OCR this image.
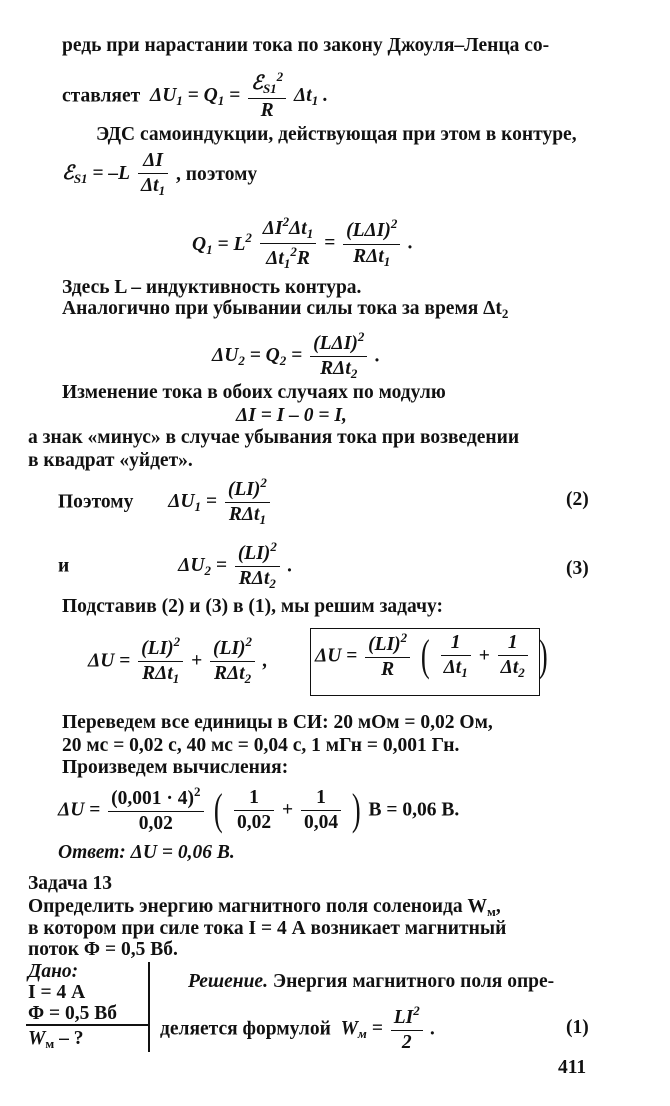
редь при нарастании тока по закону Джоуля–Ленца со-
ставляет  $\Delta U_1 = Q_1 = \frac{ℰ_{S1}^2}{R} \Delta t_1$ .
ЭДС самоиндукции, действующая при этом в контуре,
ℰ$_{S1}$ = $-L \frac{\Delta I}{\Delta t_1}$ , поэтому
$Q_1 = L^2 \frac{\Delta I^2\Delta t_1}{\Delta t_1^2R} = \frac{(L\Delta I)^2}{R\Delta t_1}$ .
Здесь L – индуктивность контура.
Аналогично при убывании силы тока за время $\Delta t_2$
$\Delta U_2 = Q_2 = \frac{(L\Delta I)^2}{R\Delta t_2}$ .
Изменение тока в обоих случаях по модулю
ΔI = I – 0 = I,
а знак «минус» в случае убывания тока при возведении
в квадрат «уйдет».
Поэтому $\Delta U_1 = \frac{(LI)^2}{R\Delta t_1}$	(2)
и	$\Delta U_2 = \frac{(LI)^2}{R\Delta t_2}$ .	(3)
Подставив (2) и (3) в (1), мы решим задачу:
$\Delta U = \frac{(LI)^2}{R\Delta t_1} + \frac{(LI)^2}{R\Delta t_2}$ , $\Delta U = \frac{(LI)^2}{R}$ ( $\frac{1}{\Delta t_1} + \frac{1}{\Delta t_2}$ )
Переведем все единицы в СИ: 20 мОм = 0,02 Ом,
20 мс = 0,02 с, 40 мс = 0,04 с, 1 мГн = 0,001 Гн.
Произведем вычисления:
$\Delta U = \frac{(0,001 \cdot 4)^2}{0,02}$ ( $\frac{1}{0,02} + \frac{1}{0,04}$ ) В = 0,06 В.
Ответ: ΔU = 0,06 В.
Задача 13
Определить энергию магнитного поля соленоида $W_м$,
в котором при силе тока I = 4 А возникает магнитный
поток Φ = 0,5 Вб.
Дано:
I = 4 А
Φ = 0,5 Вб
$W_м$ – ?
Решение. Энергия магнитного поля опре-
деляется формулой  $W_м = \frac{LI^2}{2}$ .	(1)
411
